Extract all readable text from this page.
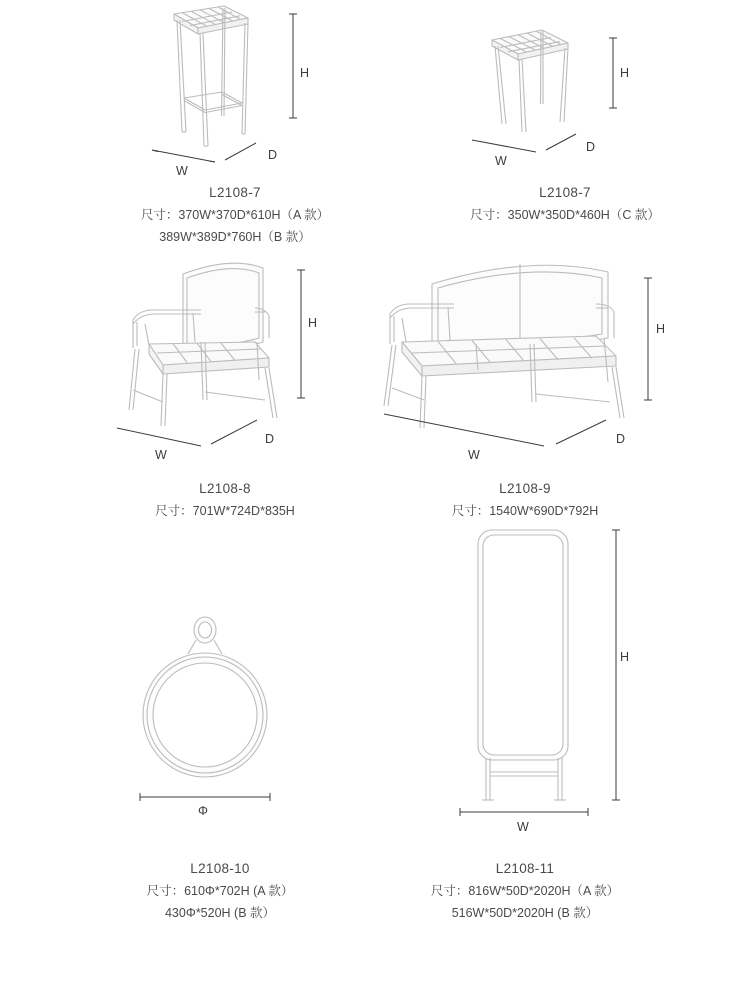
W
D
H
L2108-7
尺寸：370W*370D*610H（A 款）
389W*389D*760H（B 款）
W
D
H
L2108-7
尺寸：350W*350D*460H（C 款）
W
D
H
L2108-8
尺寸：701W*724D*835H
W
D
H
L2108-9
尺寸：1540W*690D*792H
Φ
L2108-10
尺寸：610Φ*702H (A 款）
430Φ*520H (B 款）
H
W
L2108-11
尺寸：816W*50D*2020H（A 款）
516W*50D*2020H (B 款）
